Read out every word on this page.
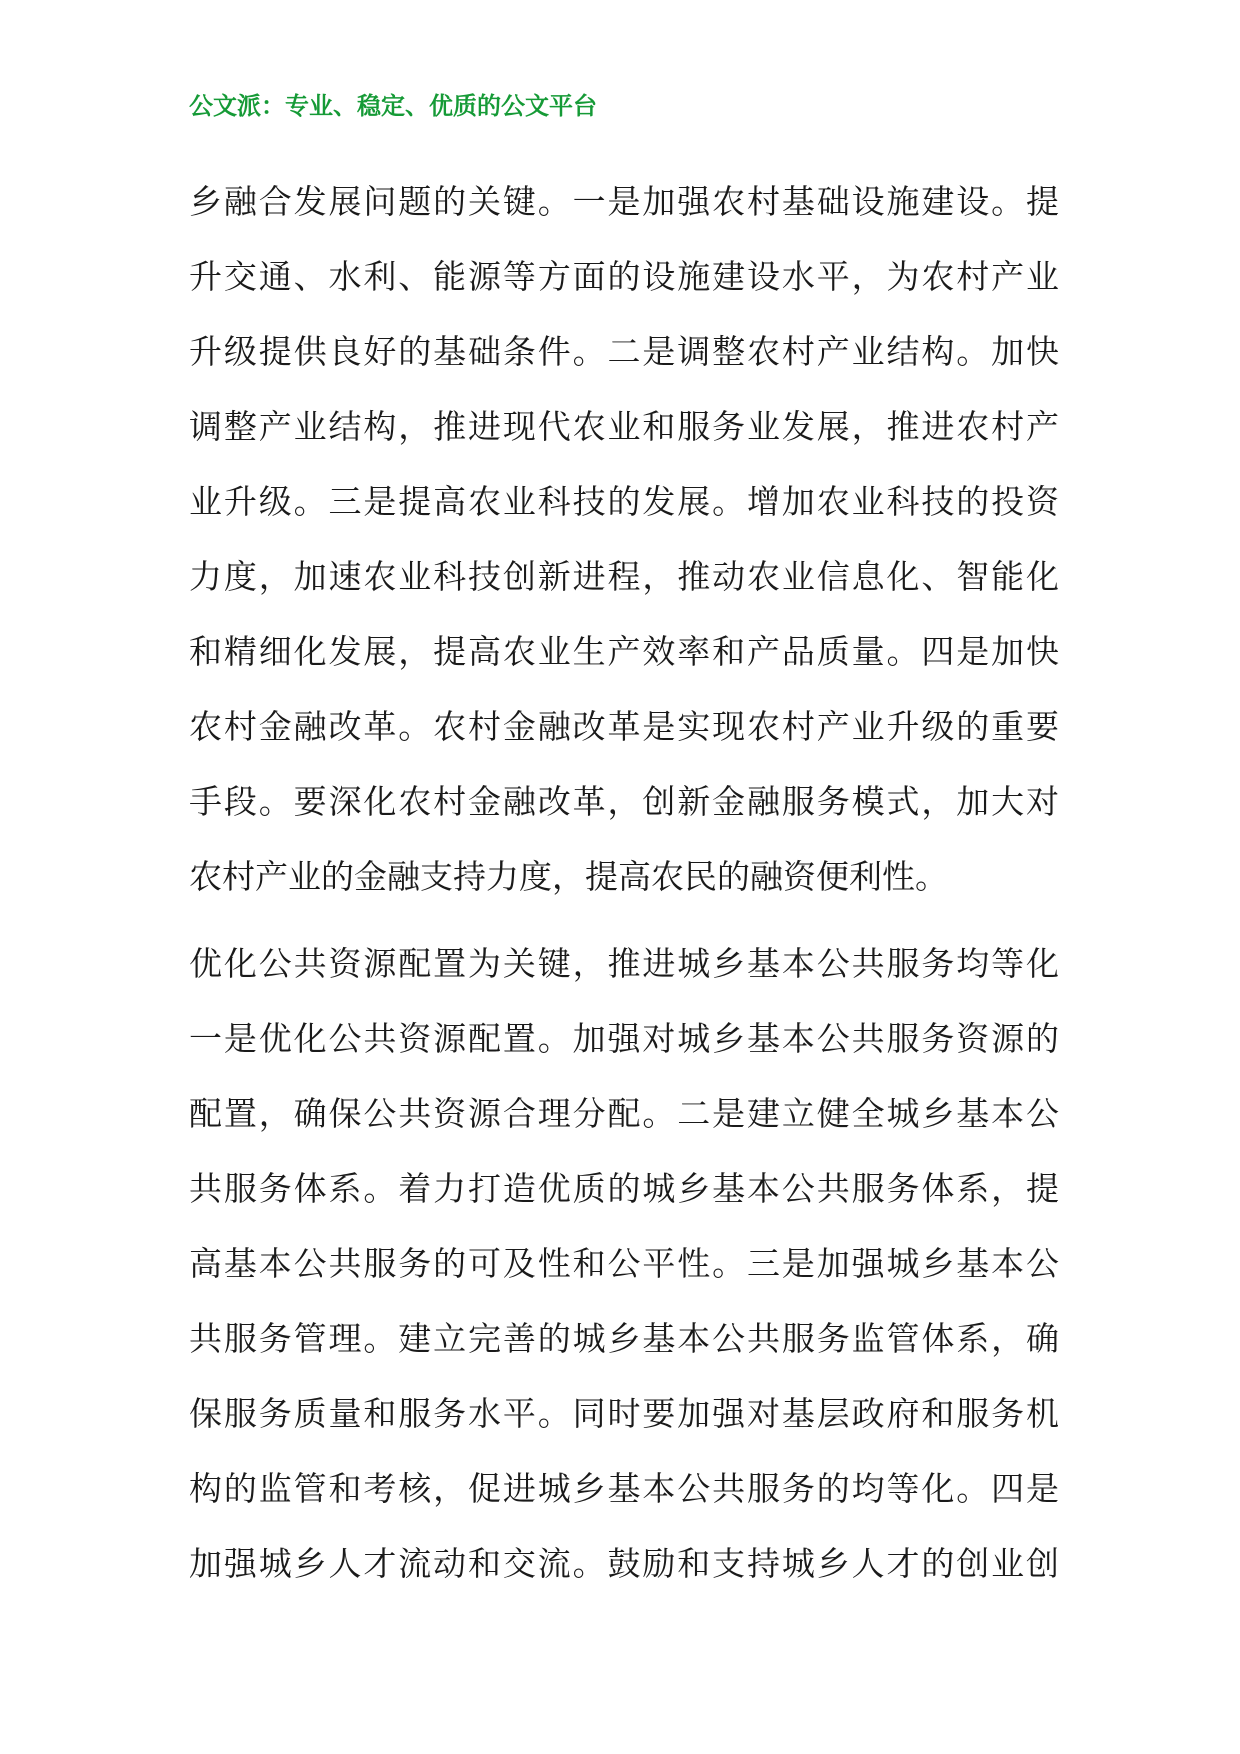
公文派：专业、稳定、优质的公文平台
乡融合发展问题的关键。一是加强农村基础设施建设。提
升交通、水利、能源等方面的设施建设水平，为农村产业
升级提供良好的基础条件。二是调整农村产业结构。加快
调整产业结构，推进现代农业和服务业发展，推进农村产
业升级。三是提高农业科技的发展。增加农业科技的投资
力度，加速农业科技创新进程，推动农业信息化、智能化
和精细化发展，提高农业生产效率和产品质量。四是加快
农村金融改革。农村金融改革是实现农村产业升级的重要
手段。要深化农村金融改革，创新金融服务模式，加大对
农村产业的金融支持力度，提高农民的融资便利性。
优化公共资源配置为关键，推进城乡基本公共服务均等化
一是优化公共资源配置。加强对城乡基本公共服务资源的
配置，确保公共资源合理分配。二是建立健全城乡基本公
共服务体系。着力打造优质的城乡基本公共服务体系，提
高基本公共服务的可及性和公平性。三是加强城乡基本公
共服务管理。建立完善的城乡基本公共服务监管体系，确
保服务质量和服务水平。同时要加强对基层政府和服务机
构的监管和考核，促进城乡基本公共服务的均等化。四是
加强城乡人才流动和交流。鼓励和支持城乡人才的创业创
